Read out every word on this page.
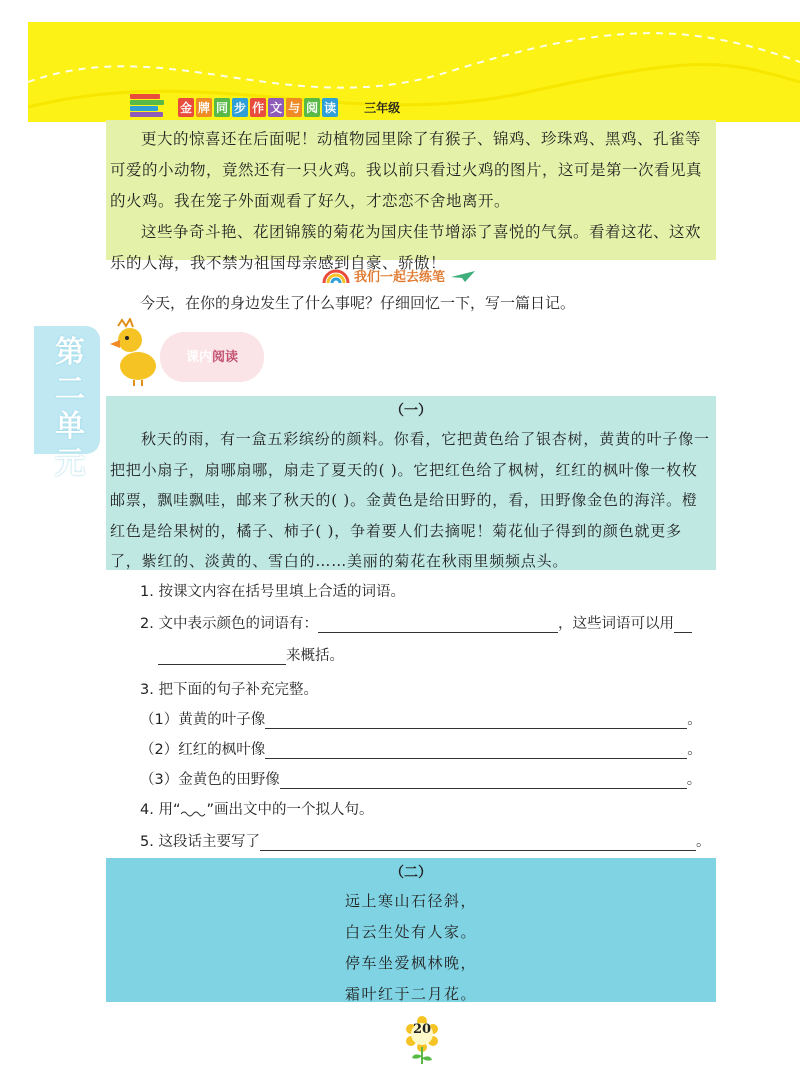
金 牌 同 步 作 文 与 阅 读 三年级
第二单元

更大的惊喜还在后面呢！动植物园里除了有猴子、锦鸡、珍珠鸡、黑鸡、孔雀等可爱的小动物，竟然还有一只火鸡。我以前只看过火鸡的图片，这可是第一次看见真的火鸡。我在笼子外面观看了好久，才恋恋不舍地离开。

这些争奇斗艳、花团锦簇的菊花为国庆佳节增添了喜悦的气氛。看着这花、这欢乐的人海，我不禁为祖国母亲感到自豪、骄傲！

我们一起去练笔
今天，在你的身边发生了什么事呢？仔细回忆一下，写一篇日记。
课内阅读
（一）
秋天的雨，有一盒五彩缤纷的颜料。你看，它把黄色给了银杏树，黄黄的叶子像一把把小扇子，扇哪扇哪，扇走了夏天的( )。它把红色给了枫树，红红的枫叶像一枚枚邮票，飘哇飘哇，邮来了秋天的( )。金黄色是给田野的，看，田野像金色的海洋。橙红色是给果树的，橘子、柿子( )，争着要人们去摘呢！菊花仙子得到的颜色就更多了，紫红的、淡黄的、雪白的……美丽的菊花在秋雨里频频点头。
1. 按课文内容在括号里填上合适的词语。
2. 文中表示颜色的词语有：	，这些词语可以用
来概括。
3. 把下面的句子补充完整。
（1）黄黄的叶子像	。
（2）红红的枫叶像	。
（3）金黄色的田野像	。
4. 用“ ”画出文中的一个拟人句。
5. 这段话主要写了	。
（二）
远上寒山石径斜，
白云生处有人家。
停车坐爱枫林晚，
霜叶红于二月花。
20
